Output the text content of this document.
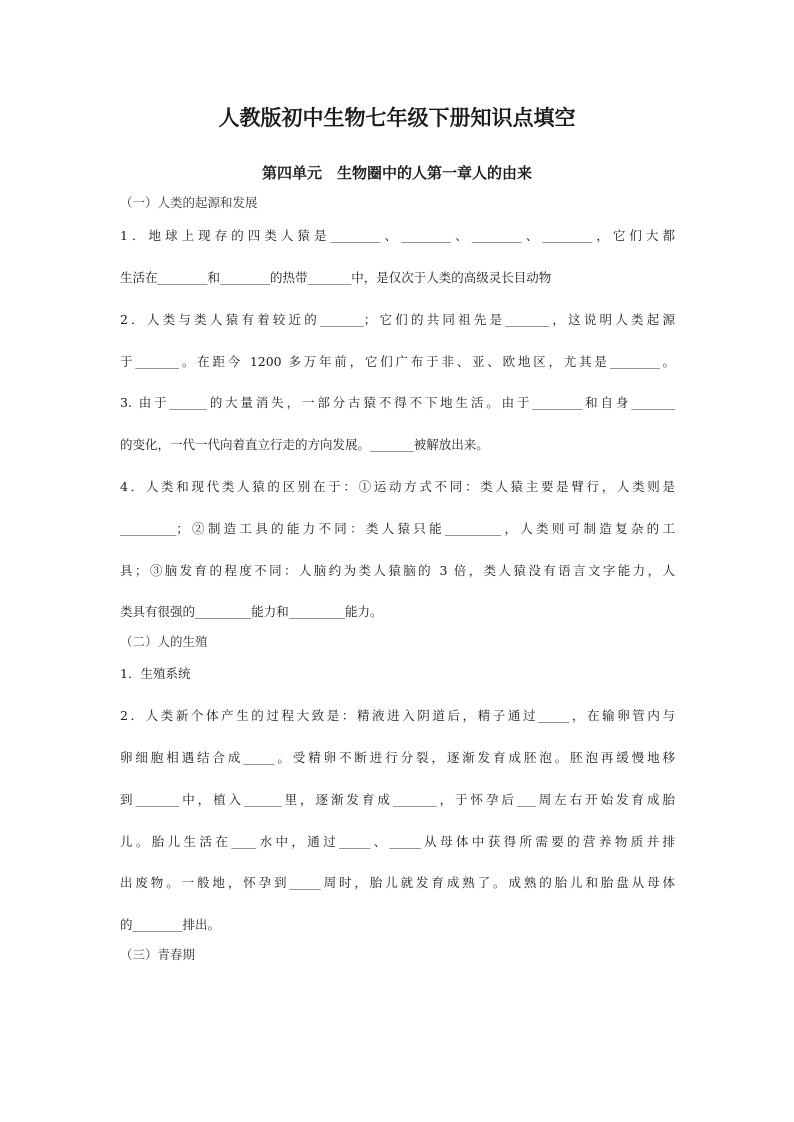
人教版初中生物七年级下册知识点填空
第四单元　生物圈中的人第一章人的由来
（一）人类的起源和发展
1．地球上现存的四类人猿是________、________、________、________，它们大都
生活在________和________的热带_______中，是仅次于人类的高级灵长目动物
2．人类与类人猿有着较近的_______；它们的共同祖先是_______，这说明人类起源
于_______。在距今 1200 多万年前，它们广布于非、亚、欧地区，尤其是________。
3. 由于______的大量消失，一部分古猿不得不下地生活。由于________和自身_______
的变化，一代一代向着直立行走的方向发展。_______被解放出来。
4．人类和现代类人猿的区别在于：①运动方式不同：类人猿主要是臂行，人类则是
_________；②制造工具的能力不同：类人猿只能_________，人类则可制造复杂的工
具；③脑发育的程度不同：人脑约为类人猿脑的 3 倍，类人猿没有语言文字能力，人
类具有很强的_________能力和_________能力。
（二）人的生殖
1．生殖系统
2．人类新个体产生的过程大致是：精液进入阴道后，精子通过_____，在输卵管内与
卵细胞相遇结合成_____。受精卵不断进行分裂，逐渐发育成胚泡。胚泡再缓慢地移
到_______中，植入______里，逐渐发育成_______，于怀孕后___周左右开始发育成胎
儿。胎儿生活在____水中，通过_____、_____从母体中获得所需要的营养物质并排
出废物。一般地，怀孕到_____周时，胎儿就发育成熟了。成熟的胎儿和胎盘从母体
的________排出。
（三）青春期
